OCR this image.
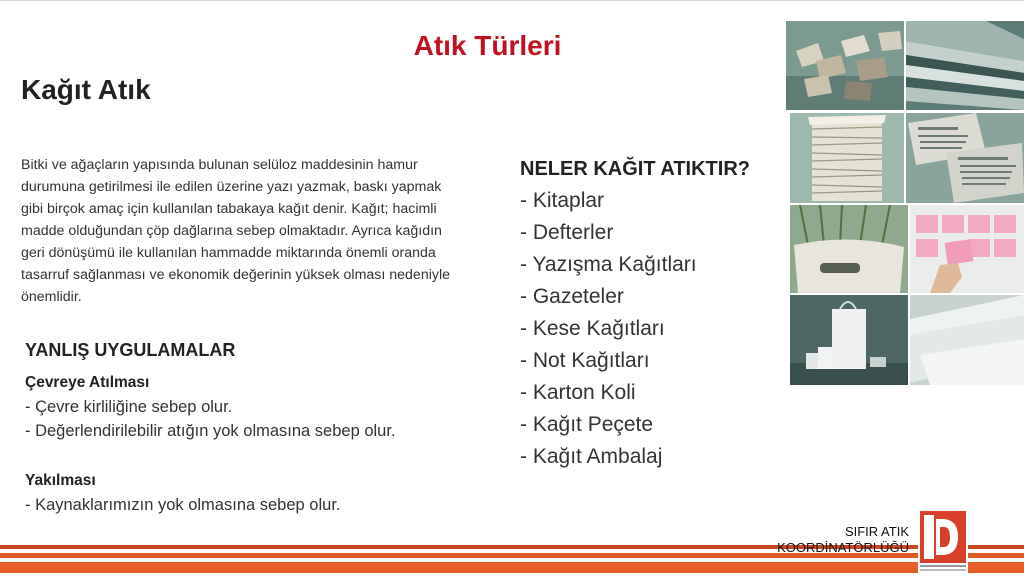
Atık Türleri
Kağıt Atık
Bitki ve ağaçların yapısında bulunan selüloz maddesinin hamur
durumuna getirilmesi ile edilen üzerine yazı yazmak, baskı yapmak
gibi birçok amaç için kullanılan tabakaya kağıt denir. Kağıt; hacimli
madde olduğundan çöp dağlarına sebep olmaktadır. Ayrıca kağıdın
geri dönüşümü ile kullanılan hammadde miktarında önemli oranda
tasarruf sağlanması ve ekonomik değerinin yüksek olması nedeniyle
önemlidir.
YANLIŞ UYGULAMALAR
Çevreye Atılması
- Çevre kirliliğine sebep olur.
- Değerlendirilebilir atığın yok olmasına sebep olur.
Yakılması
- Kaynaklarımızın yok olmasına sebep olur.
NELER KAĞIT ATIKTIR?
- Kitaplar
- Defterler
- Yazışma Kağıtları
- Gazeteler
- Kese Kağıtları
- Not Kağıtları
- Karton Koli
- Kağıt Peçete
- Kağıt Ambalaj
SIFIR ATIK
KOORDİNATÖRLÜĞÜ
